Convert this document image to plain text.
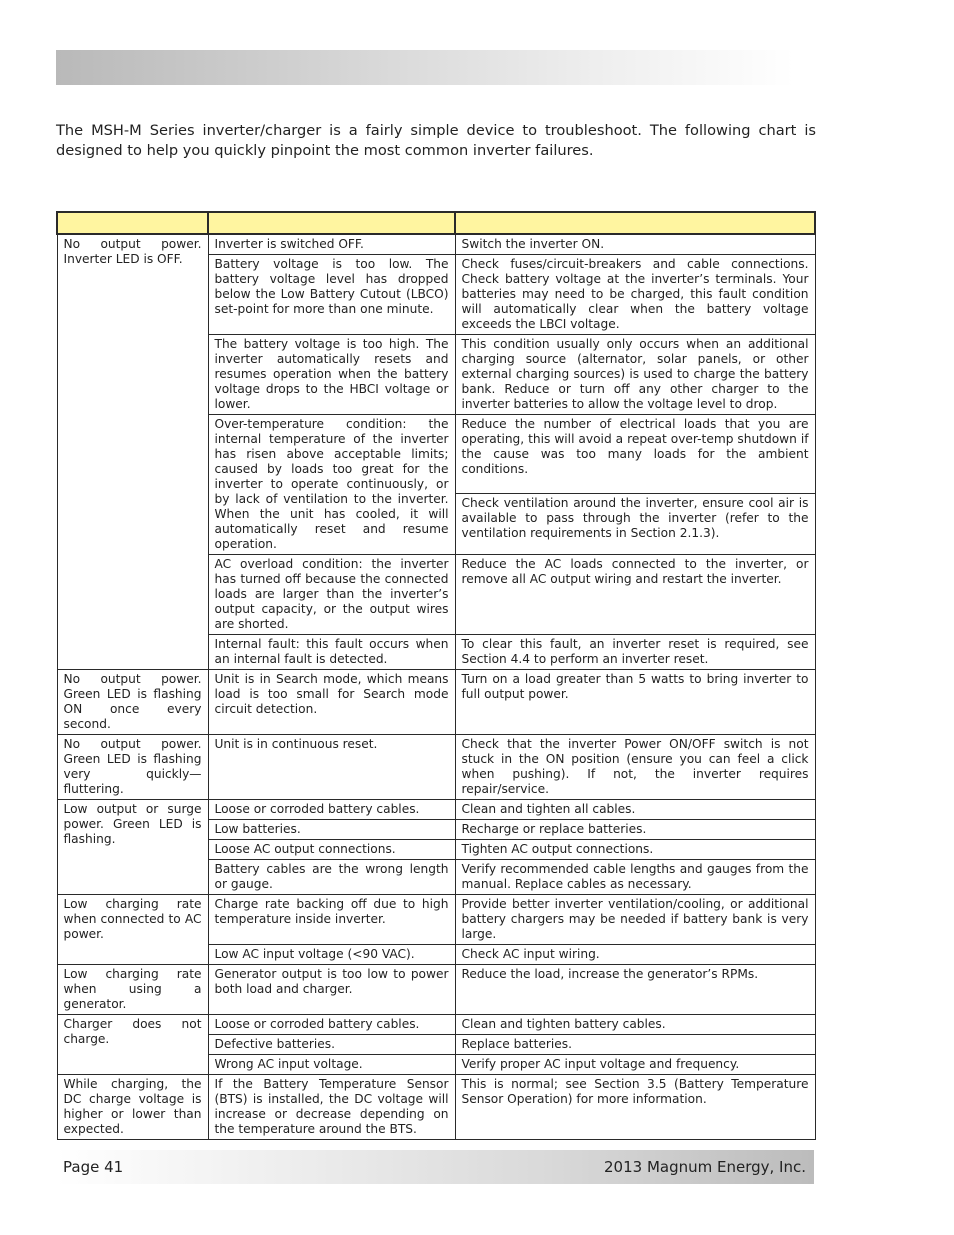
The MSH-M Series inverter/charger is a fairly simple device to troubleshoot. The following chart is designed to help you quickly pinpoint the most common inverter failures.

No output power. Inverter LED is OFF.	Inverter is switched OFF.	Switch the inverter ON.
	Battery voltage is too low. The battery voltage level has dropped below the Low Battery Cutout (LBCO) set-point for more than one minute.	Check fuses/circuit-breakers and cable connections. Check battery voltage at the inverter’s terminals. Your batteries may need to be charged, this fault condition will automatically clear when the battery voltage exceeds the LBCI voltage.
	The battery voltage is too high. The inverter automatically resets and resumes operation when the battery voltage drops to the HBCI voltage or lower.	This condition usually only occurs when an additional charging source (alternator, solar panels, or other external charging sources) is used to charge the battery bank. Reduce or turn off any other charger to the inverter batteries to allow the voltage level to drop.
	Over-temperature condition: the internal temperature of the inverter has risen above acceptable limits; caused by loads too great for the inverter to operate continuously, or by lack of ventilation to the inverter. When the unit has cooled, it will automatically reset and resume operation.	Reduce the number of electrical loads that you are operating, this will avoid a repeat over-temp shutdown if the cause was too many loads for the ambient conditions.
		Check ventilation around the inverter, ensure cool air is available to pass through the inverter (refer to the ventilation requirements in Section 2.1.3).
	AC overload condition: the inverter has turned off because the connected loads are larger than the inverter’s output capacity, or the output wires are shorted.	Reduce the AC loads connected to the inverter, or remove all AC output wiring and restart the inverter.
	Internal fault: this fault occurs when an internal fault is detected.	To clear this fault, an inverter reset is required, see Section 4.4 to perform an inverter reset.
No output power. Green LED is flashing ON once every second.	Unit is in Search mode, which means load is too small for Search mode circuit detection.	Turn on a load greater than 5 watts to bring inverter to full output power.
No output power. Green LED is flashing very quickly—fluttering.	Unit is in continuous reset.	Check that the inverter Power ON/OFF switch is not stuck in the ON position (ensure you can feel a click when pushing). If not, the inverter requires repair/service.
Low output or surge power. Green LED is flashing.	Loose or corroded battery cables.	Clean and tighten all cables.
	Low batteries.	Recharge or replace batteries.
	Loose AC output connections.	Tighten AC output connections.
	Battery cables are the wrong length or gauge.	Verify recommended cable lengths and gauges from the manual. Replace cables as necessary.
Low charging rate when connected to AC power.	Charge rate backing off due to high temperature inside inverter.	Provide better inverter ventilation/cooling, or additional battery chargers may be needed if battery bank is very large.
	Low AC input voltage (<90 VAC).	Check AC input wiring.
Low charging rate when using a generator.	Generator output is too low to power both load and charger.	Reduce the load, increase the generator’s RPMs.
Charger does not charge.	Loose or corroded battery cables.	Clean and tighten battery cables.
	Defective batteries.	Replace batteries.
	Wrong AC input voltage.	Verify proper AC input voltage and frequency.
While charging, the DC charge voltage is higher or lower than expected.	If the Battery Temperature Sensor (BTS) is installed, the DC voltage will increase or decrease depending on the temperature around the BTS.	This is normal; see Section 3.5 (Battery Temperature Sensor Operation) for more information.
Page 41	2013 Magnum Energy, Inc.
